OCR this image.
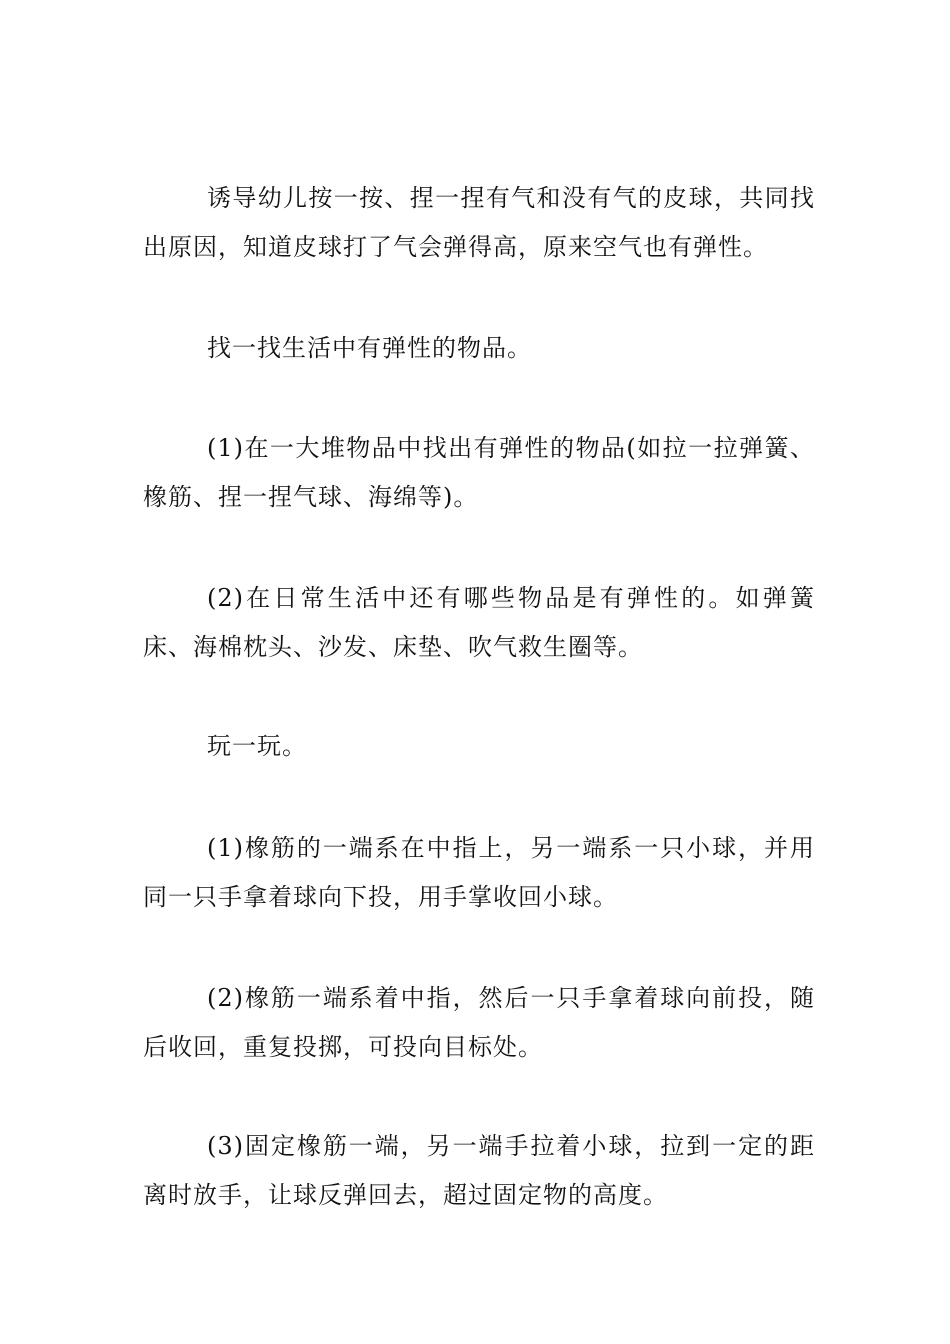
诱导幼儿按一按、捏一捏有气和没有气的皮球，共同找出原因，知道皮球打了气会弹得高，原来空气也有弹性。

找一找生活中有弹性的物品。

(1)在一大堆物品中找出有弹性的物品(如拉一拉弹簧、橡筋、捏一捏气球、海绵等)。

(2)在日常生活中还有哪些物品是有弹性的。如弹簧床、海棉枕头、沙发、床垫、吹气救生圈等。

玩一玩。

(1)橡筋的一端系在中指上，另一端系一只小球，并用同一只手拿着球向下投，用手掌收回小球。

(2)橡筋一端系着中指，然后一只手拿着球向前投，随后收回，重复投掷，可投向目标处。

(3)固定橡筋一端，另一端手拉着小球，拉到一定的距离时放手，让球反弹回去，超过固定物的高度。
